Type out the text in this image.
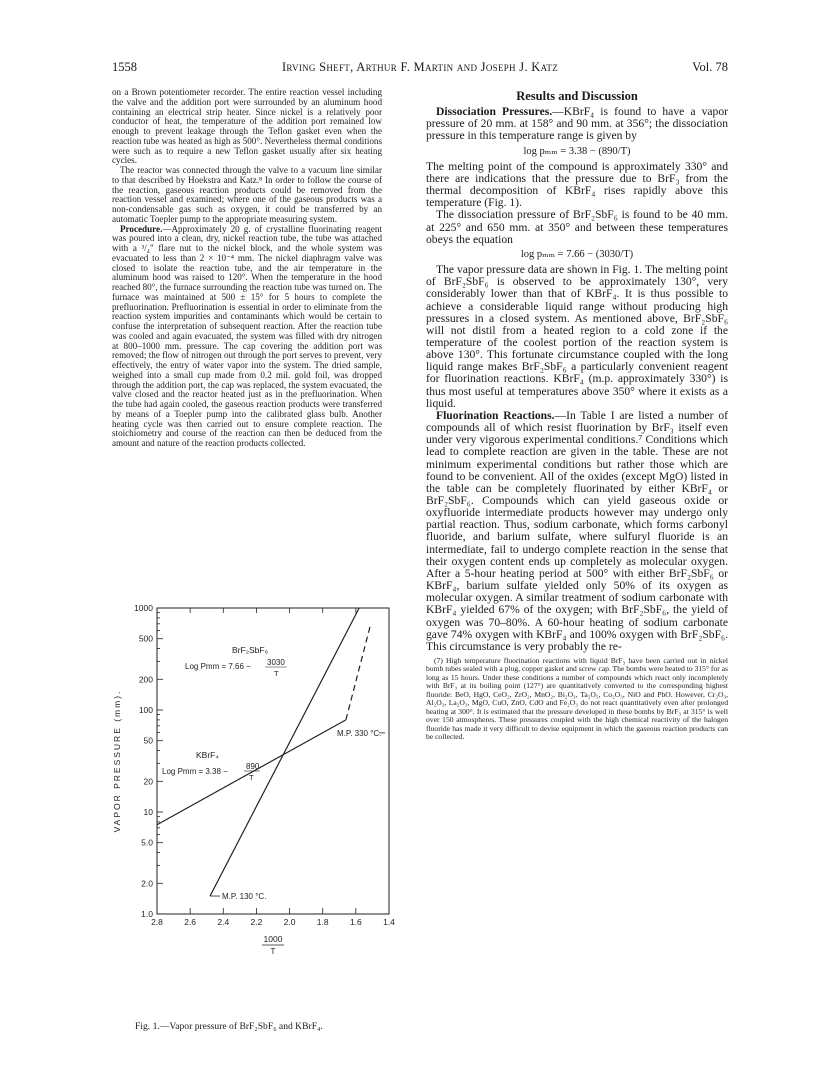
1558	Irving Sheft, Arthur F. Martin and Joseph J. Katz	Vol. 78

on a Brown potentiometer recorder. The entire reaction vessel including the valve and the addition port were surrounded by an aluminum hood containing an electrical strip heater. Since nickel is a relatively poor conductor of heat, the temperature of the addition port remained low enough to prevent leakage through the Teflon gasket even when the reaction tube was heated as high as 500°. Nevertheless thermal conditions were such as to require a new Teflon gasket usually after six heating cycles.

The reactor was connected through the valve to a vacuum line similar to that described by Hoekstra and Katz.⁸ In order to follow the course of the reaction, gaseous reaction products could be removed from the reaction vessel and examined; where one of the gaseous products was a non-condensable gas such as oxygen, it could be transferred by an automatic Toepler pump to the appropriate measuring system.

Procedure.—Approximately 20 g. of crystalline fluorinating reagent was poured into a clean, dry, nickel reaction tube, the tube was attached with a ³/₄" flare nut to the nickel block, and the whole system was evacuated to less than 2 × 10⁻⁴ mm. The nickel diaphragm valve was closed to isolate the reaction tube, and the air temperature in the aluminum hood was raised to 120°. When the temperature in the hood reached 80°, the furnace surrounding the reaction tube was turned on. The furnace was maintained at 500 ± 15° for 5 hours to complete the prefluorination. Prefluorination is essential in order to eliminate from the reaction system impurities and contaminants which would be certain to confuse the interpretation of subsequent reaction. After the reaction tube was cooled and again evacuated, the system was filled with dry nitrogen at 800–1000 mm. pressure. The cap covering the addition port was removed; the flow of nitrogen out through the port serves to prevent, very effectively, the entry of water vapor into the system. The dried sample, weighed into a small cup made from 0.2 mil. gold foil, was dropped through the addition port, the cap was replaced, the system evacuated, the valve closed and the reactor heated just as in the prefluorination. When the tube had again cooled, the gaseous reaction products were transferred by means of a Toepler pump into the calibrated glass bulb. Another heating cycle was then carried out to ensure complete reaction. The stoichiometry and course of the reaction can then be deduced from the amount and nature of the reaction products collected.

1.0
2.0
5.0
10
20
50
100
200
500
1000
2.8	2.6	2.4	2.2	2.0	1.8	1.6	1.4
1000
T
VAPOR PRESSURE (mm).
BrF₂SbF₆
Log Pmm = 7.66 − 3030
T
KBrF₄
Log Pmm = 3.38 −
890
T
M.P. 130 °C.
M.P. 330 °C.
Fig. 1.—Vapor pressure of BrF₂SbF₆ and KBrF₄.
Results and Discussion

Dissociation Pressures.—KBrF₄ is found to have a vapor pressure of 20 mm. at 158° and 90 mm. at 356°; the dissociation pressure in this temperature range is given by

log pₘₘ = 3.38 − (890/T)

The melting point of the compound is approximately 330° and there are indications that the pressure due to BrF₃ from the thermal decomposition of KBrF₄ rises rapidly above this temperature (Fig. 1).

The dissociation pressure of BrF₂SbF₆ is found to be 40 mm. at 225° and 650 mm. at 350° and between these temperatures obeys the equation

log pₘₘ = 7.66 − (3030/T)

The vapor pressure data are shown in Fig. 1. The melting point of BrF₂SbF₆ is observed to be approximately 130°, very considerably lower than that of KBrF₄. It is thus possible to achieve a considerable liquid range without producing high pressures in a closed system. As mentioned above, BrF₂SbF₆ will not distil from a heated region to a cold zone if the temperature of the coolest portion of the reaction system is above 130°. This fortunate circumstance coupled with the long liquid range makes BrF₂SbF₆ a particularly convenient reagent for fluorination reactions. KBrF₄ (m.p. approximately 330°) is thus most useful at temperatures above 350° where it exists as a liquid.

Fluorination Reactions.—In Table I are listed a number of compounds all of which resist fluorination by BrF₃ itself even under very vigorous experimental conditions.⁷ Conditions which lead to complete reaction are given in the table. These are not minimum experimental conditions but rather those which are found to be convenient. All of the oxides (except MgO) listed in the table can be completely fluorinated by either KBrF₄ or BrF₂SbF₆. Compounds which can yield gaseous oxide or oxyfluoride intermediate products however may undergo only partial reaction. Thus, sodium carbonate, which forms carbonyl fluoride, and barium sulfate, where sulfuryl fluoride is an intermediate, fail to undergo complete reaction in the sense that their oxygen content ends up completely as molecular oxygen. After a 5-hour heating period at 500° with either BrF₂SbF₆ or KBrF₄, barium sulfate yielded only 50% of its oxygen as molecular oxygen. A similar treatment of sodium carbonate with KBrF₄ yielded 67% of the oxygen; with BrF₂SbF₆, the yield of oxygen was 70–80%. A 60-hour heating of sodium carbonate gave 74% oxygen with KBrF₄ and 100% oxygen with BrF₂SbF₆. This circumstance is very probably the re-

(7) High temperature fluorination reactions with liquid BrF₃ have been carried out in nickel bomb tubes sealed with a plug, copper gasket and screw cap. The bombs were heated to 315° for as long as 15 hours. Under these conditions a number of compounds which react only incompletely with BrF₃ at its boiling point (127°) are quantitatively converted to the corresponding highest fluoride: BeO, HgO, CeO₂, ZrO₂, MnO₂, Bi₂O₃, Ta₂O₅, Co₂O₃, NiO and PbO. However, Cr₂O₃, Al₂O₃, La₂O₃, MgO, CuO, ZnO, CdO and Fe₂O₃ do not react quantitatively even after prolonged heating at 300°. It is estimated that the pressure developed in these bombs by BrF₃ at 315° is well over 150 atmospheres. These pressures coupled with the high chemical reactivity of the halogen fluoride has made it very difficult to devise equipment in which the gaseous reaction products can be collected.
